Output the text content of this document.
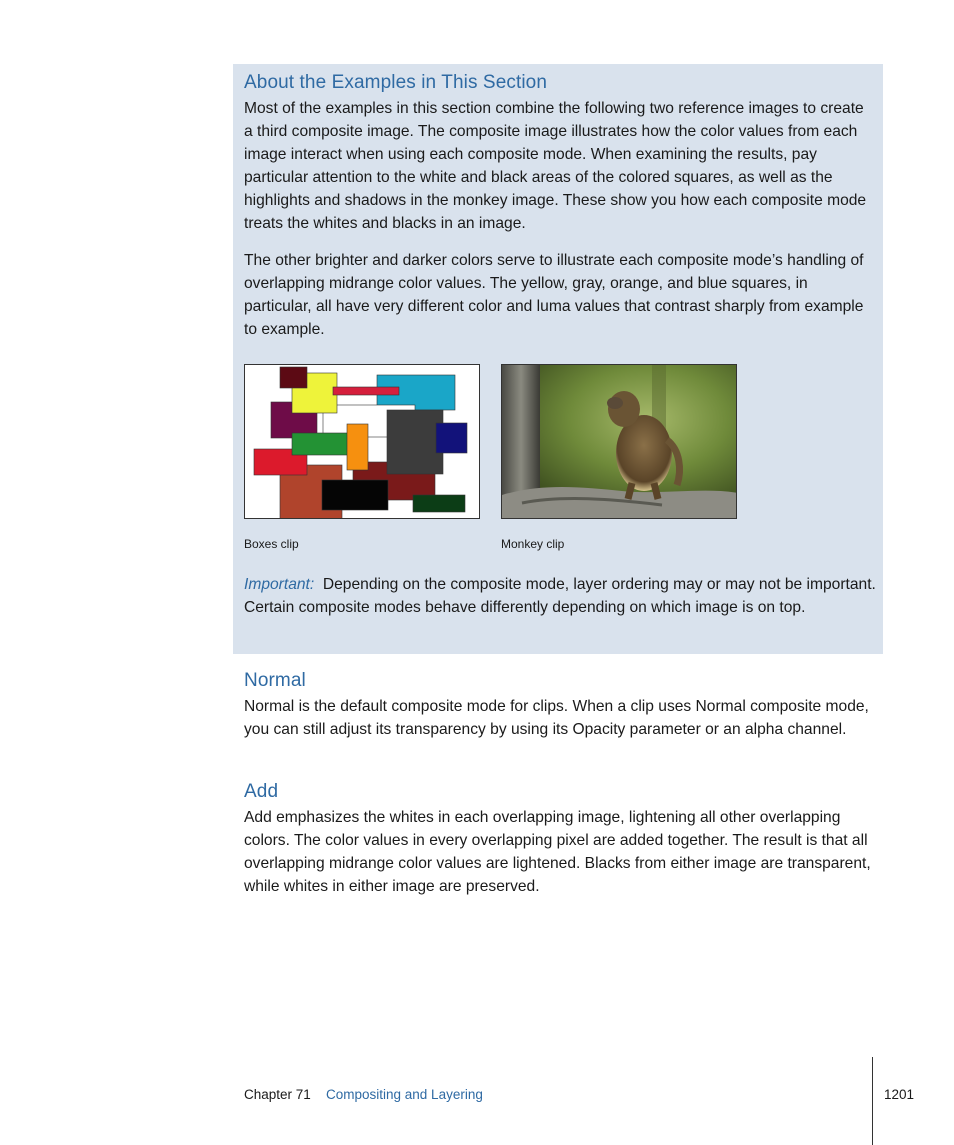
About the Examples in This Section

Most of the examples in this section combine the following two reference images to create a third composite image. The composite image illustrates how the color values from each image interact when using each composite mode. When examining the results, pay particular attention to the white and black areas of the colored squares, as well as the highlights and shadows in the monkey image. These show you how each composite mode treats the whites and blacks in an image.

The other brighter and darker colors serve to illustrate each composite mode’s handling of overlapping midrange color values. The yellow, gray, orange, and blue squares, in particular, all have very different color and luma values that contrast sharply from example to example.

Boxes clip	Monkey clip

Important: Depending on the composite mode, layer ordering may or may not be important. Certain composite modes behave differently depending on which image is on top.

Normal

Normal is the default composite mode for clips. When a clip uses Normal composite mode, you can still adjust its transparency by using its Opacity parameter or an alpha channel.

Add

Add emphasizes the whites in each overlapping image, lightening all other overlapping colors. The color values in every overlapping pixel are added together. The result is that all overlapping midrange color values are lightened. Blacks from either image are transparent, while whites in either image are preserved.

Chapter 71 Compositing and Layering	1201
